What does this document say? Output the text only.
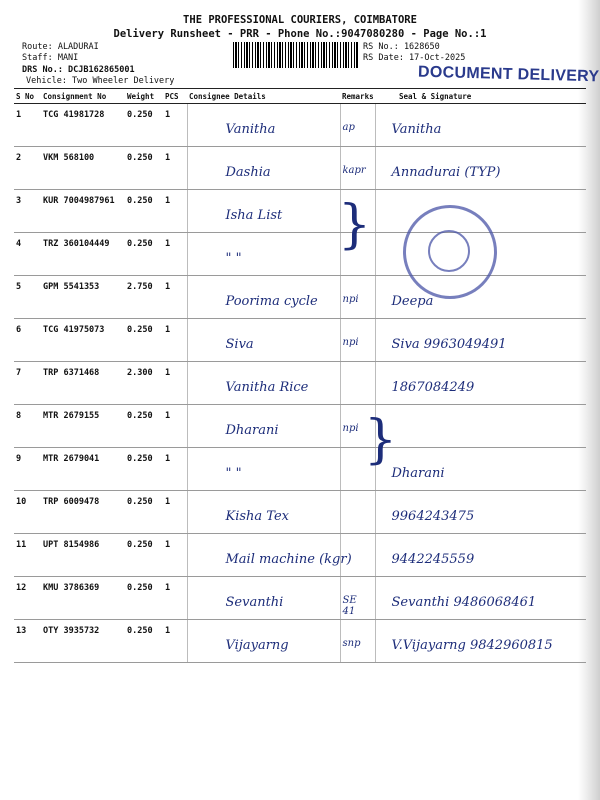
THE PROFESSIONAL COURIERS, COIMBATORE
Delivery Runsheet - PRR - Phone No.:9047080280 - Page No.:1
Route: ALADURAI
Staff: MANI
DRS No.: DCJB162865001
Vehicle: Two Wheeler Delivery
RS No.: 1628650
RS Date: 17-Oct-2025
DOCUMENT DELIVERY
S No	Consignment No	Weight	PCS	Consignee Details	Remarks	Seal & Signature
1	TCG 41981728	0.250	1	Vanitha	ap	Vanitha
2	VKM 568100	0.250	1	Dashia	kapr	Annadurai (TYP)
3	KUR 7004987961	0.250	1	Isha List		
4	TRZ 360104449	0.250	1	" "		
5	GPM 5541353	2.750	1	Poorima cycle	npi	Deepa
6	TCG 41975073	0.250	1	Siva	npi	Siva 9963049491
7	TRP 6371468	2.300	1	Vanitha Rice		1867084249
8	MTR 2679155	0.250	1	Dharani	npi	
9	MTR 2679041	0.250	1	" "		Dharani
10	TRP 6009478	0.250	1	Kisha Tex		9964243475
11	UPT 8154986	0.250	1	Mail machine (kgr)		9442245559
12	KMU 3786369	0.250	1	Sevanthi	SE 41	Sevanthi 9486068461
13	OTY 3935732	0.250	1	Vijayarng	snp	V.Vijayarng 9842960815
}
}
